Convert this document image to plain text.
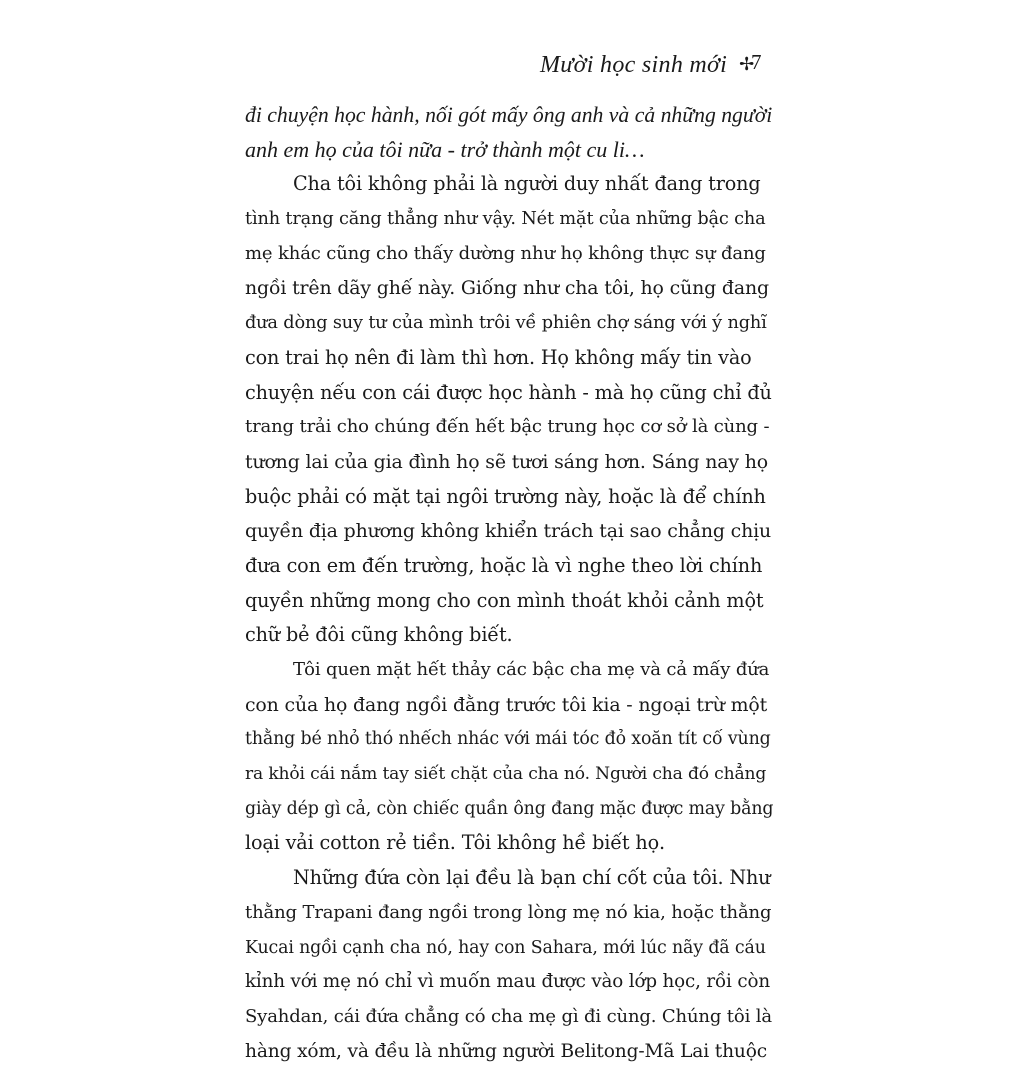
Mười học sinh mới ✢
7
đi chuyện học hành, nối gót mấy ông anh và cả những người
anh em họ của tôi nữa - trở thành một cu li…
Cha tôi không phải là người duy nhất đang trong
tình trạng căng thẳng như vậy. Nét mặt của những bậc cha
mẹ khác cũng cho thấy dường như họ không thực sự đang
ngồi trên dãy ghế này. Giống như cha tôi, họ cũng đang
đưa dòng suy tư của mình trôi về phiên chợ sáng với ý nghĩ
con trai họ nên đi làm thì hơn. Họ không mấy tin vào
chuyện nếu con cái được học hành - mà họ cũng chỉ đủ
trang trải cho chúng đến hết bậc trung học cơ sở là cùng -
tương lai của gia đình họ sẽ tươi sáng hơn. Sáng nay họ
buộc phải có mặt tại ngôi trường này, hoặc là để chính
quyền địa phương không khiển trách tại sao chẳng chịu
đưa con em đến trường, hoặc là vì nghe theo lời chính
quyền những mong cho con mình thoát khỏi cảnh một
chữ bẻ đôi cũng không biết.
Tôi quen mặt hết thảy các bậc cha mẹ và cả mấy đứa
con của họ đang ngồi đằng trước tôi kia - ngoại trừ một
thằng bé nhỏ thó nhếch nhác với mái tóc đỏ xoăn tít cố vùng
ra khỏi cái nắm tay siết chặt của cha nó. Người cha đó chẳng
giày dép gì cả, còn chiếc quần ông đang mặc được may bằng
loại vải cotton rẻ tiền. Tôi không hề biết họ.
Những đứa còn lại đều là bạn chí cốt của tôi. Như
thằng Trapani đang ngồi trong lòng mẹ nó kia, hoặc thằng
Kucai ngồi cạnh cha nó, hay con Sahara, mới lúc nãy đã cáu
kỉnh với mẹ nó chỉ vì muốn mau được vào lớp học, rồi còn
Syahdan, cái đứa chẳng có cha mẹ gì đi cùng. Chúng tôi là
hàng xóm, và đều là những người Belitong-Mã Lai thuộc
